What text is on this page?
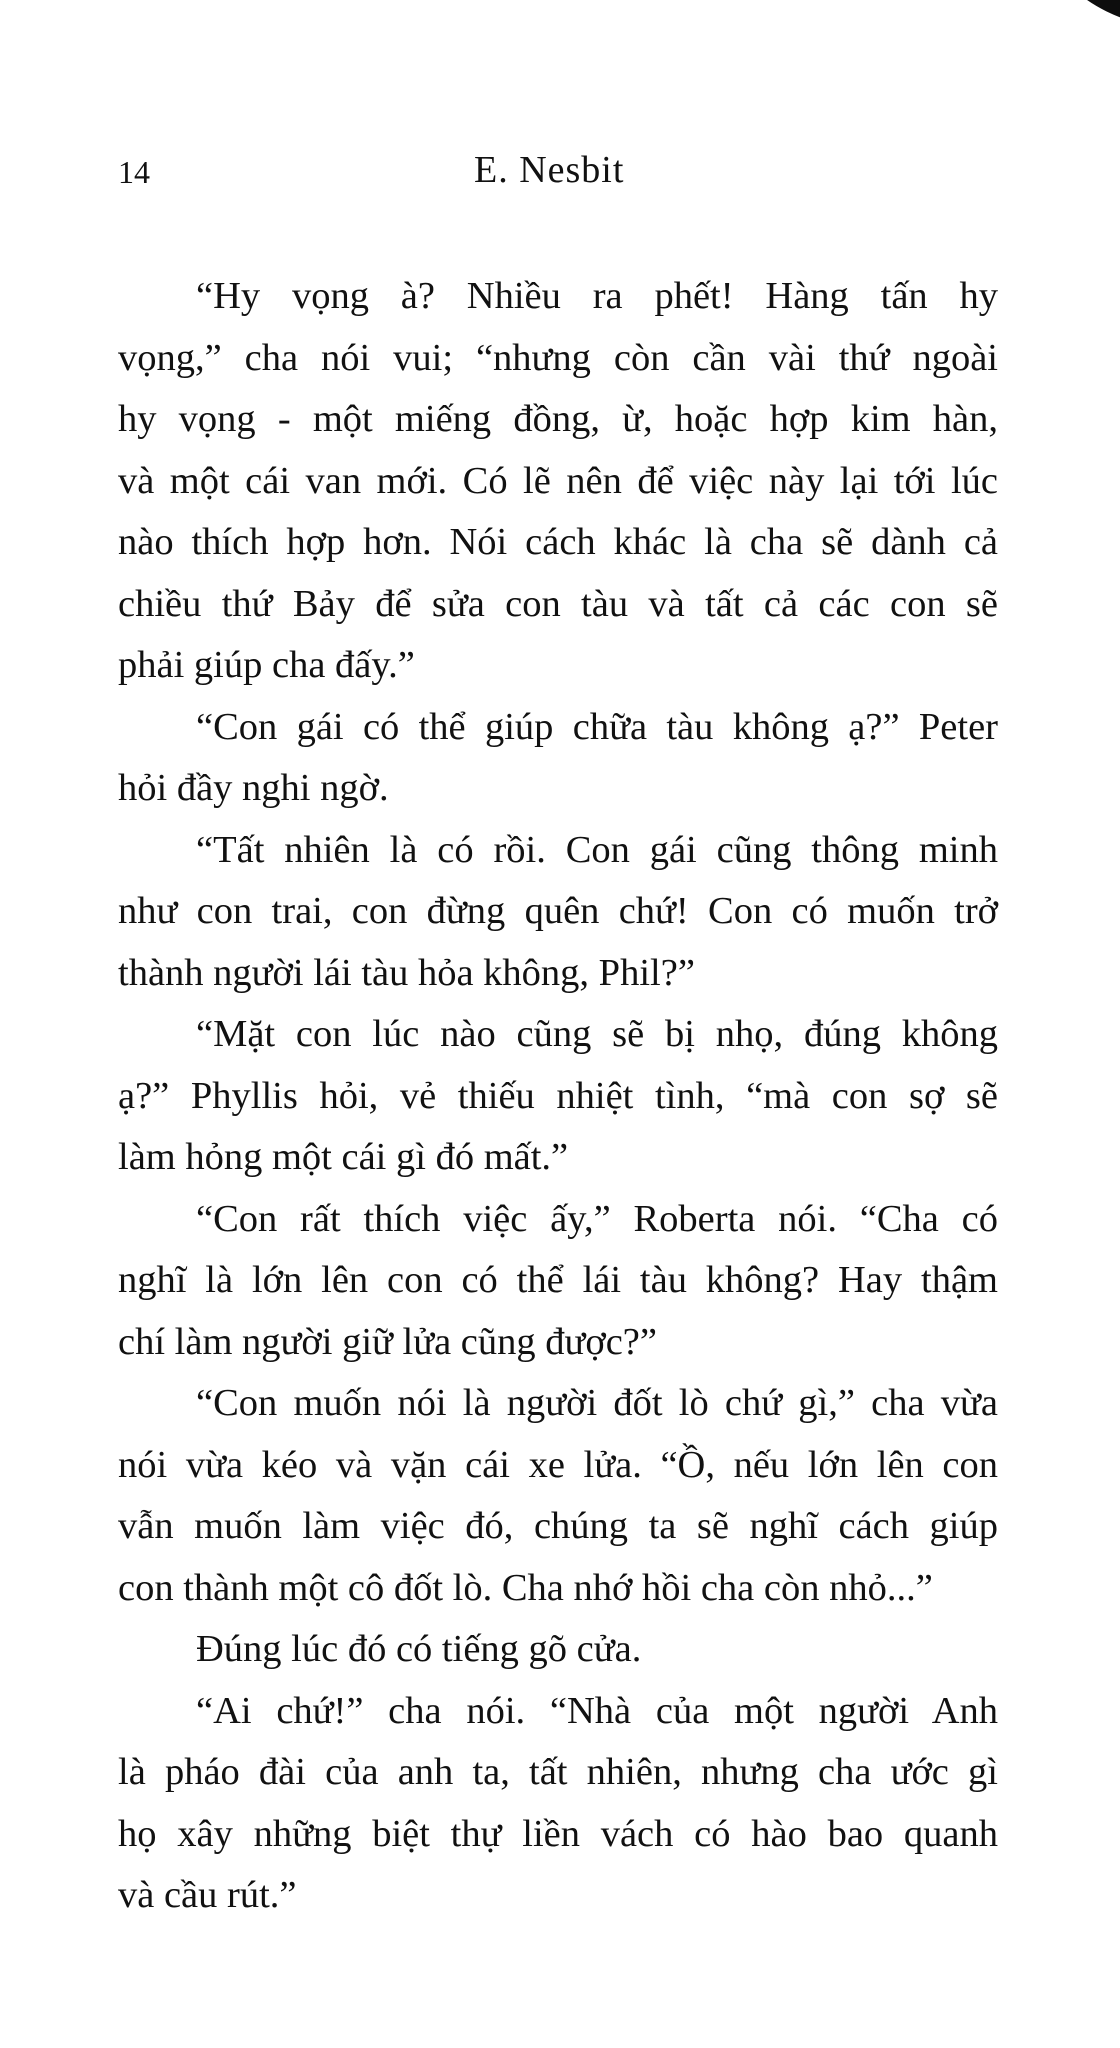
14	E. Nesbit

“Hy vọng à? Nhiều ra phết! Hàng tấn hy
vọng,” cha nói vui; “nhưng còn cần vài thứ ngoài
hy vọng - một miếng đồng, ừ, hoặc hợp kim hàn,
và một cái van mới. Có lẽ nên để việc này lại tới lúc
nào thích hợp hơn. Nói cách khác là cha sẽ dành cả
chiều thứ Bảy để sửa con tàu và tất cả các con sẽ
phải giúp cha đấy.”

“Con gái có thể giúp chữa tàu không ạ?” Peter
hỏi đầy nghi ngờ.

“Tất nhiên là có rồi. Con gái cũng thông minh
như con trai, con đừng quên chứ! Con có muốn trở
thành người lái tàu hỏa không, Phil?”

“Mặt con lúc nào cũng sẽ bị nhọ, đúng không
ạ?” Phyllis hỏi, vẻ thiếu nhiệt tình, “mà con sợ sẽ
làm hỏng một cái gì đó mất.”

“Con rất thích việc ấy,” Roberta nói. “Cha có
nghĩ là lớn lên con có thể lái tàu không? Hay thậm
chí làm người giữ lửa cũng được?”

“Con muốn nói là người đốt lò chứ gì,” cha vừa
nói vừa kéo và vặn cái xe lửa. “Ồ, nếu lớn lên con
vẫn muốn làm việc đó, chúng ta sẽ nghĩ cách giúp
con thành một cô đốt lò. Cha nhớ hồi cha còn nhỏ...”

Đúng lúc đó có tiếng gõ cửa.

“Ai chứ!” cha nói. “Nhà của một người Anh
là pháo đài của anh ta, tất nhiên, nhưng cha ước gì
họ xây những biệt thự liền vách có hào bao quanh
và cầu rút.”
